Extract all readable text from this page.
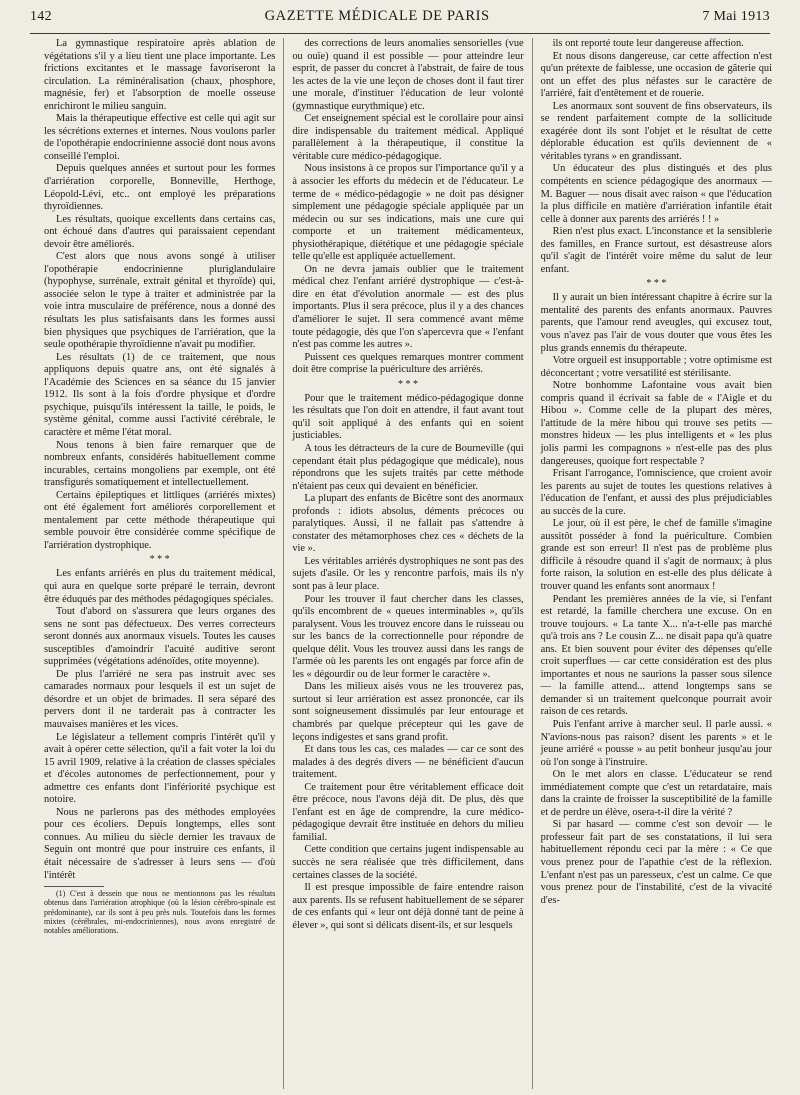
142	GAZETTE MÉDICALE DE PARIS	7 Mai 1913

La gymnastique respiratoire après ablation de végétations s'il y a lieu tient une place importante. Les frictions excitantes et le massage favoriseront la circulation. La réminéralisation (chaux, phosphore, magnésie, fer) et l'absorption de moelle osseuse enrichiront le milieu sanguin.

Mais la thérapeutique effective est celle qui agit sur les sécrétions externes et internes. Nous voulons parler de l'opothérapie endocrinienne associé dont nous avons conseillé l'emploi.

Depuis quelques années et surtout pour les formes d'arriération corporelle, Bonneville, Herthoge, Léopold-Lévi, etc.. ont employé les préparations thyroïdiennes.

Les résultats, quoique excellents dans certains cas, ont échoué dans d'autres qui paraissaient cependant devoir être améliorés.

C'est alors que nous avons songé à utiliser l'opothérapie endocrinienne pluriglandulaire (hypophyse, surrénale, extrait génital et thyroïde) qui, associée selon le type à traiter et administrée par la voie intra musculaire de préférence, nous a donné des résultats les plus satisfaisants dans les formes aussi bien physiques que psychiques de l'arriération, que la seule opothérapie thyroïdienne n'avait pu modifier.

Les résultats (1) de ce traitement, que nous appliquons depuis quatre ans, ont été signalés à l'Académie des Sciences en sa séance du 15 janvier 1912. Ils sont à la fois d'ordre physique et d'ordre psychique, puisqu'ils intéressent la taille, le poids, le système génital, comme aussi l'activité cérébrale, le caractère et même l'état moral.

Nous tenons à bien faire remarquer que de nombreux enfants, considérés habituellement comme incurables, certains mongoliens par exemple, ont été transfigurés somatiquement et intellectuellement.

Certains épileptiques et littliques (arriérés mixtes) ont été également fort améliorés corporellement et mentalement par cette méthode thérapeutique qui semble pouvoir être considérée comme spécifique de l'arriération dystrophique.

* * *

Les enfants arriérés en plus du traitement médical, qui aura en quelque sorte préparé le terrain, devront être éduqués par des méthodes pédagogiques spéciales.

Tout d'abord on s'assurera que leurs organes des sens ne sont pas défectueux. Des verres correcteurs seront donnés aux anormaux visuels. Toutes les causes susceptibles d'amoindrir l'acuité auditive seront supprimées (végétations adénoïdes, otite moyenne).

De plus l'arriéré ne sera pas instruit avec ses camarades normaux pour lesquels il est un sujet de désordre et un objet de brimades. Il sera séparé des pervers dont il ne tarderait pas à contracter les mauvaises manières et les vices.

Le législateur a tellement compris l'intérêt qu'il y avait à opérer cette sélection, qu'il a fait voter la loi du 15 avril 1909, relative à la création de classes spéciales et d'écoles autonomes de perfectionnement, pour y admettre ces enfants dont l'infériorité psychique est notoire.

Nous ne parlerons pas des méthodes employées pour ces écoliers. Depuis longtemps, elles sont connues. Au milieu du siècle dernier les travaux de Seguin ont montré que pour instruire ces enfants, il était nécessaire de s'adresser à leurs sens — d'où l'intérêt

(1) C'est à dessein que nous ne mentionnons pas les résultats obtenus dans l'arriération atrophique (où la lésion cérébro-spinale est prédominante), car ils sont à peu près nuls. Toutefois dans les formes mixtes (cérébrales, mi-endocriniennes), nous avons enregistré de notables améliorations.

des corrections de leurs anomalies sensorielles (vue ou ouïe) quand il est possible — pour atteindre leur esprit, de passer du concret à l'abstrait, de faire de tous les actes de la vie une leçon de choses dont il faut tirer une morale, d'instituer l'éducation de leur volonté (gymnastique eurythmique) etc.

Cet enseignement spécial est le corollaire pour ainsi dire indispensable du traitement médical. Appliqué parallèlement à la thérapeutique, il constitue la véritable cure médico-pédagogique.

Nous insistons à ce propos sur l'importance qu'il y a à associer les efforts du médecin et de l'éducateur. Le terme de « médico-pédagogie » ne doit pas désigner simplement une pédagogie spéciale appliquée par un médecin ou sur ses indications, mais une cure qui comporte et un traitement médicamenteux, physiothérapique, diététique et une pédagogie spéciale telle qu'elle est appliquée actuellement.

On ne devra jamais oublier que le traitement médical chez l'enfant arriéré dystrophique — c'est-à-dire en état d'évolution anormale — est des plus importants. Plus il sera précoce, plus il y a des chances d'améliorer le sujet. Il sera commencé avant même toute pédagogie, dès que l'on s'apercevra que « l'enfant n'est pas comme les autres ».

Puissent ces quelques remarques montrer comment doit être comprise la puériculture des arriérés.

* * *

Pour que le traitement médico-pédagogique donne les résultats que l'on doit en attendre, il faut avant tout qu'il soit appliqué à des enfants qui en soient justiciables.

A tous les détracteurs de la cure de Bourneville (qui cependant était plus pédagogique que médicale), nous répondrons que les sujets traités par cette méthode n'étaient pas ceux qui devaient en bénéficier.

La plupart des enfants de Bicêtre sont des anormaux profonds : idiots absolus, déments précoces ou paralytiques. Aussi, il ne fallait pas s'attendre à constater des métamorphoses chez ces « déchets de la vie ».

Les véritables arriérés dystrophiques ne sont pas des sujets d'asile. Or les y rencontre parfois, mais ils n'y sont pas à leur place.

Pour les trouver il faut chercher dans les classes, qu'ils encombrent de « queues interminables », qu'ils paralysent. Vous les trouvez encore dans le ruisseau ou sur les bancs de la correctionnelle pour répondre de quelque délit. Vous les trouvez aussi dans les rangs de l'armée où les parents les ont engagés par force afin de les « dégourdir ou de leur former le caractère ».

Dans les milieux aisés vous ne les trouverez pas, surtout si leur arriération est assez prononcée, car ils sont soigneusement dissimulés par leur entourage et chambrés par quelque précepteur qui les gave de leçons indigestes et sans grand profit.

Et dans tous les cas, ces malades — car ce sont des malades à des degrés divers — ne bénéficient d'aucun traitement.

Ce traitement pour être véritablement efficace doit être précoce, nous l'avons déjà dit. De plus, dès que l'enfant est en âge de comprendre, la cure médico-pédagogique devrait être instituée en dehors du milieu familial.

Cette condition que certains jugent indispensable au succès ne sera réalisée que très difficilement, dans certaines classes de la société.

Il est presque impossible de faire entendre raison aux parents. Ils se refusent habituellement de se séparer de ces enfants qui « leur ont déjà donné tant de peine à élever », qui sont si délicats disent-ils, et sur lesquels

ils ont reporté toute leur dangereuse affection.

Et nous disons dangereuse, car cette affection n'est qu'un prétexte de faiblesse, une occasion de gâterie qui ont un effet des plus néfastes sur le caractère de l'arriéré, fait d'entêtement et de rouerie.

Les anormaux sont souvent de fins observateurs, ils se rendent parfaitement compte de la sollicitude exagérée dont ils sont l'objet et le résultat de cette déplorable éducation est qu'ils deviennent de « véritables tyrans » en grandissant.

Un éducateur des plus distingués et des plus compétents en science pédagogique des anormaux — M. Baguer — nous disait avec raison « que l'éducation la plus difficile en matière d'arriération infantile était celle à donner aux parents des arriérés ! ! »

Rien n'est plus exact. L'inconstance et la sensiblerie des familles, en France surtout, est désastreuse alors qu'il s'agit de l'intérêt voire même du salut de leur enfant.

* * *

Il y aurait un bien intéressant chapitre à écrire sur la mentalité des parents des enfants anormaux. Pauvres parents, que l'amour rend aveugles, qui excusez tout, vous n'avez pas l'air de vous douter que vous êtes les plus grands ennemis du thérapeute.

Votre orgueil est insupportable ; votre optimisme est déconcertant ; votre versatilité est stérilisante.

Notre bonhomme Lafontaine vous avait bien compris quand il écrivait sa fable de « l'Aigle et du Hibou ». Comme celle de la plupart des mères, l'attitude de la mère hibou qui trouve ses petits — monstres hideux — les plus intelligents et « les plus jolis parmi les compagnons » n'est-elle pas des plus dangereuses, quoique fort respectable ?

Frisant l'arrogance, l'omniscience, que croient avoir les parents au sujet de toutes les questions relatives à l'éducation de l'enfant, et aussi des plus préjudiciables au succès de la cure.

Le jour, où il est père, le chef de famille s'imagine aussitôt posséder à fond la puériculture. Combien grande est son erreur! Il n'est pas de problème plus difficile à résoudre quand il s'agit de normaux; à plus forte raison, la solution en est-elle des plus délicate à trouver quand les enfants sont anormaux !

Pendant les premières années de la vie, si l'enfant est retardé, la famille cherchera une excuse. On en trouve toujours. « La tante X... n'a-t-elle pas marché qu'à trois ans ? Le cousin Z... ne disait papa qu'à quatre ans. Et bien souvent pour éviter des dépenses qu'elle croit superflues — car cette considération est des plus importantes et nous ne saurions la passer sous silence — la famille attend... attend longtemps sans se demander si un traitement quelconque pourrait avoir raison de ces retards.

Puis l'enfant arrive à marcher seul. Il parle aussi. « N'avions-nous pas raison? disent les parents » et le jeune arriéré « pousse » au petit bonheur jusqu'au jour où l'on songe à l'instruire.

On le met alors en classe. L'éducateur se rend immédiatement compte que c'est un retardataire, mais dans la crainte de froisser la susceptibilité de la famille et de perdre un élève, osera-t-il dire la vérité ?

Si par hasard — comme c'est son devoir — le professeur fait part de ses constatations, il lui sera habituellement répondu ceci par la mère : « Ce que vous prenez pour de l'apathie c'est de la réflexion. L'enfant n'est pas un paresseux, c'est un calme. Ce que vous prenez pour de l'instabilité, c'est de la vivacité d'es-
